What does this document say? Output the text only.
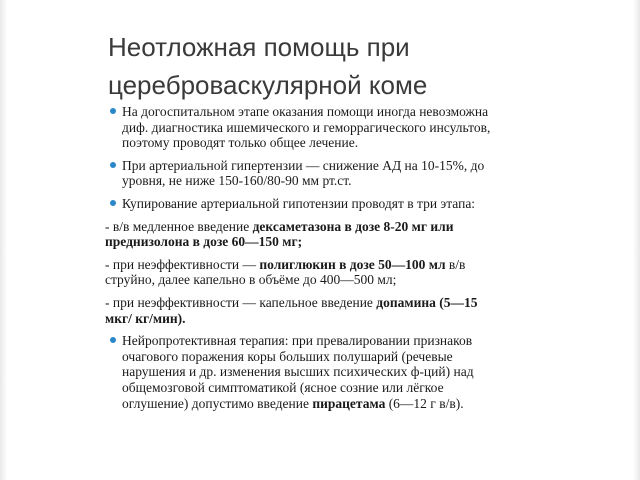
Неотложная помощь при
цереброваскулярной коме
На догоспитальном этапе оказания помощи иногда невозможна
диф. диагностика ишемического и геморрагического инсультов,
поэтому проводят только общее лечение.
При артериальной гипертензии — снижение АД на 10-15%, до
уровня, не ниже 150-160/80-90 мм рт.ст.
Купирование артериальной гипотензии проводят в три этапа:
- в/в медленное введение дексаметазона в дозе 8-20 мг или
преднизолона в дозе 60—150 мг;
- при неэффективности — полиглюкин в дозе 50—100 мл в/в
струйно, далее капельно в объёме до 400—500 мл;
- при неэффективности — капельное введение допамина (5—15
мкг/ кг/мин).
Нейропротективная терапия: при превалировании признаков
очагового поражения коры больших полушарий (речевые
нарушения и др. изменения высших психических ф-ций) над
общемозговой симптоматикой (ясное созние или лёгкое
оглушение) допустимо введение пирацетама (6—12 г в/в).
